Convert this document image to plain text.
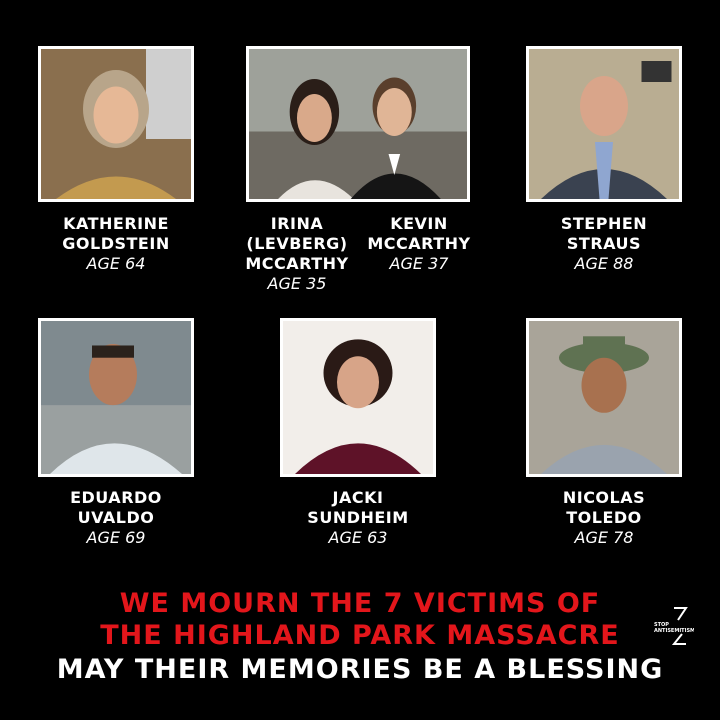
KATHERINE
GOLDSTEIN
AGE 64
IRINA
(LEVBERG)
MCCARTHY
AGE 35
KEVIN
MCCARTHY
AGE 37
STEPHEN
STRAUS
AGE 88
EDUARDO
UVALDO
AGE 69
JACKI
SUNDHEIM
AGE 63
NICOLAS
TOLEDO
AGE 78
WE MOURN THE 7 VICTIMS OF
THE HIGHLAND PARK MASSACRE
MAY THEIR MEMORIES BE A BLESSING
STOP
ANTISEMITISM
